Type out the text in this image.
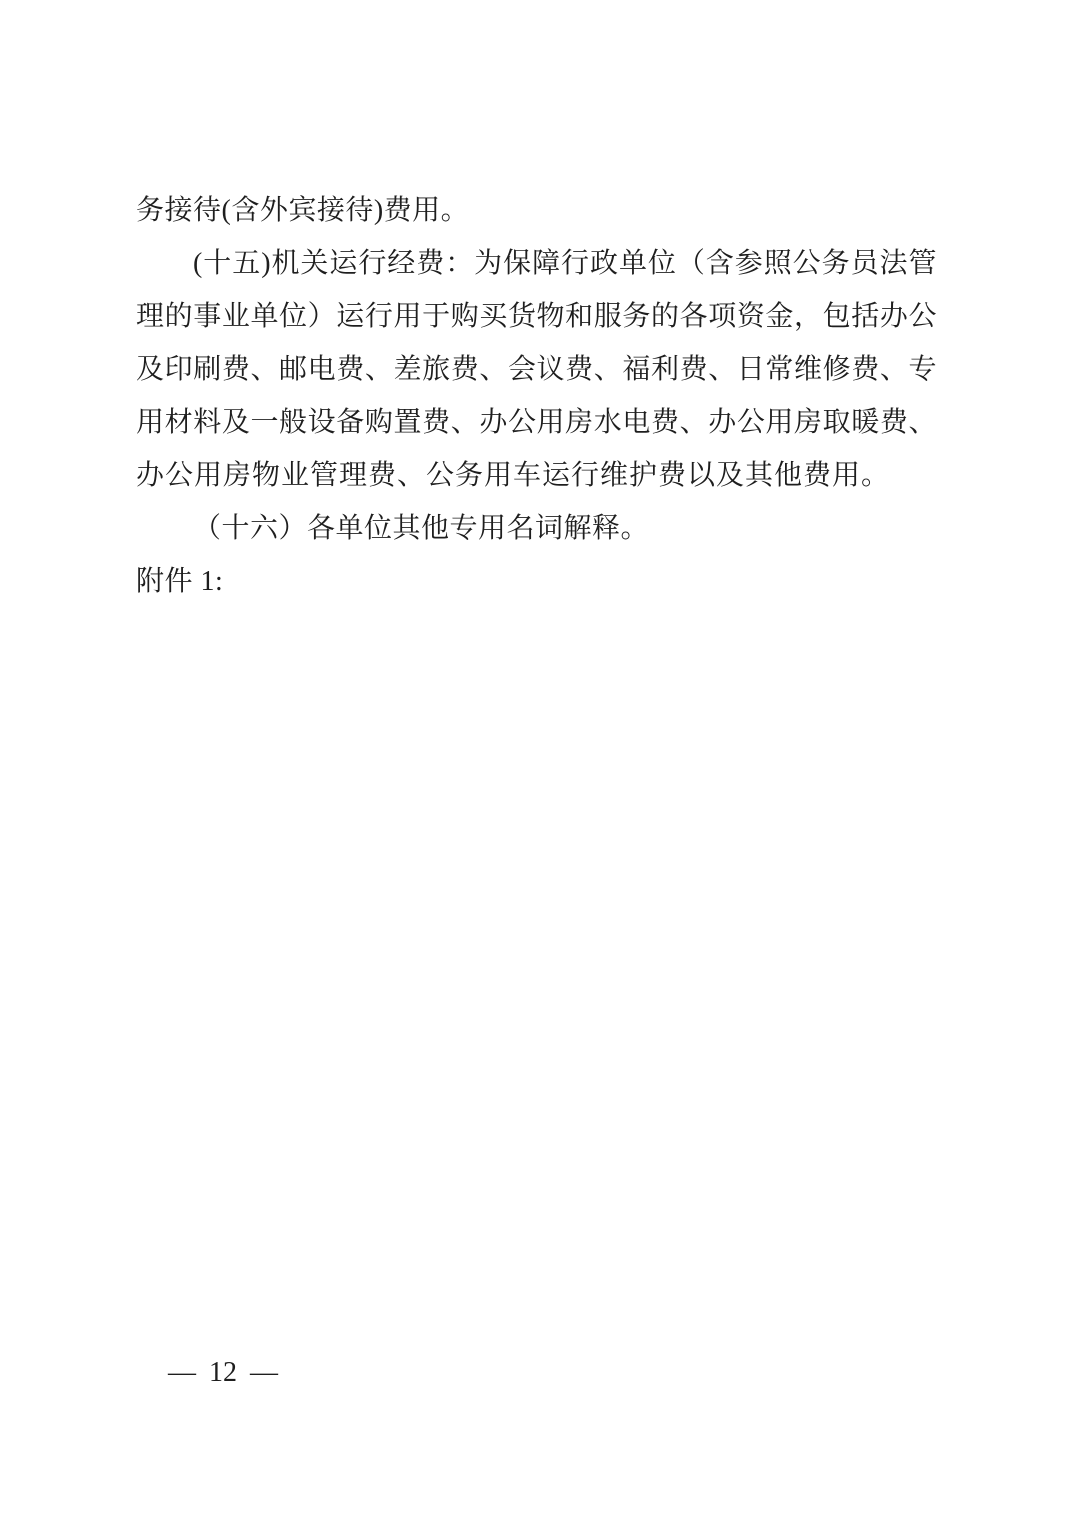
务接待(含外宾接待)费用。
(十五)机关运行经费：为保障行政单位（含参照公务员法管
理的事业单位）运行用于购买货物和服务的各项资金，包括办公
及印刷费、邮电费、差旅费、会议费、福利费、日常维修费、专
用材料及一般设备购置费、办公用房水电费、办公用房取暖费、
办公用房物业管理费、公务用车运行维护费以及其他费用。
（十六）各单位其他专用名词解释。
附件 1:
— 12 —
